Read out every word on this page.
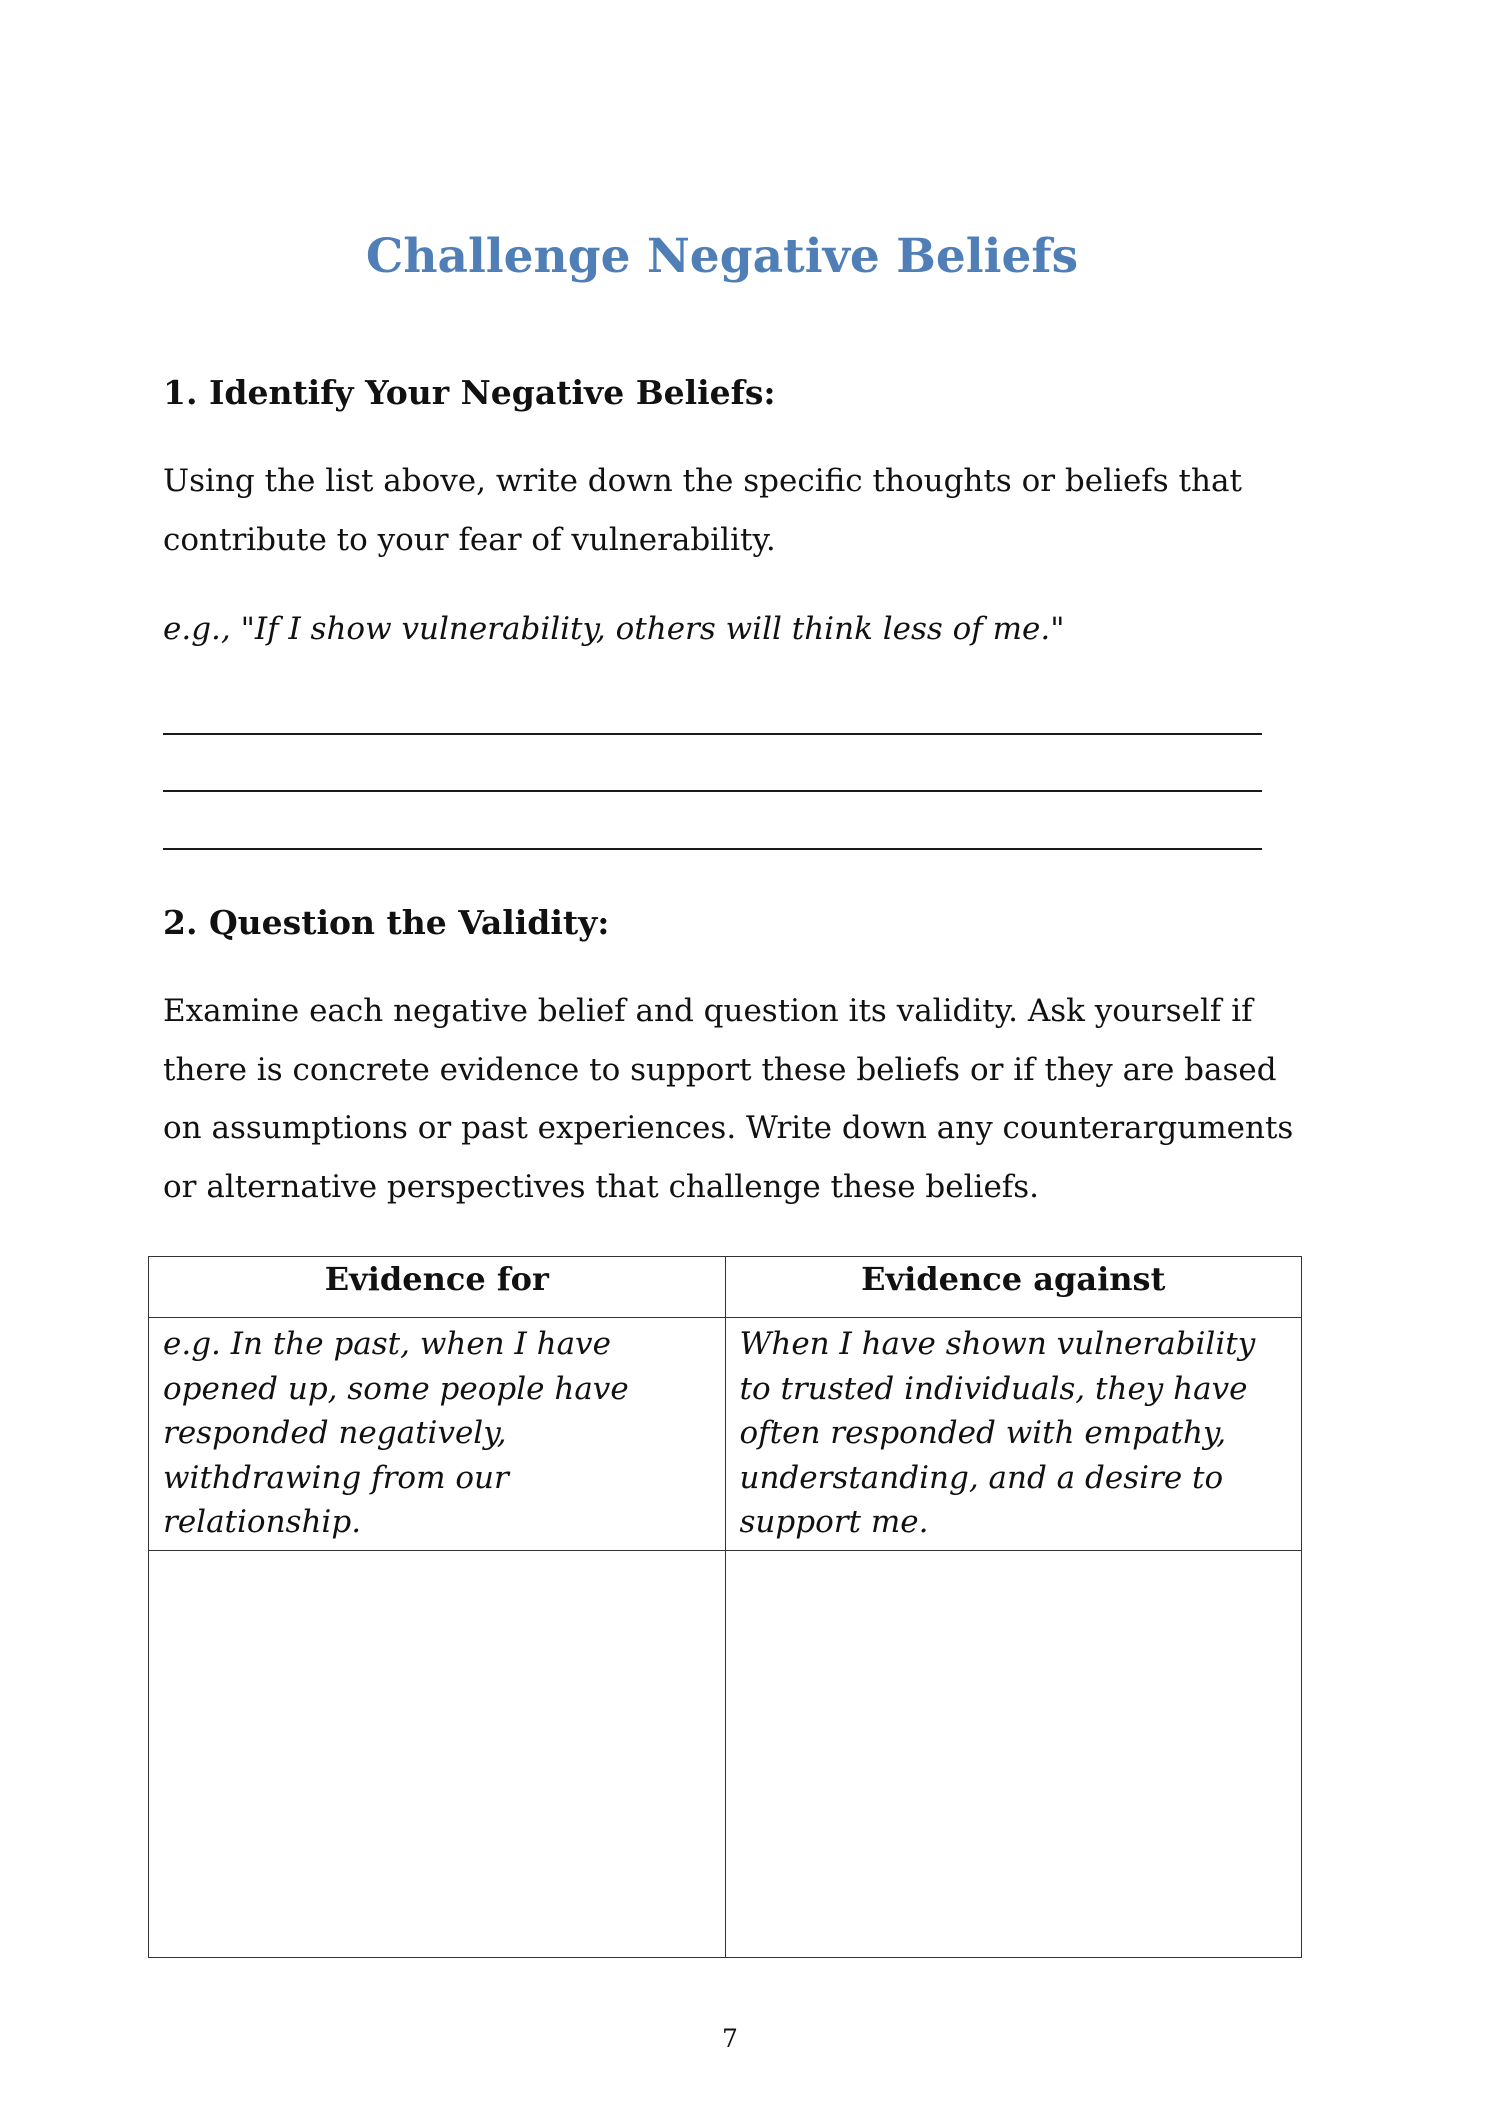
Challenge Negative Beliefs
1. Identify Your Negative Beliefs:
Using the list above, write down the specific thoughts or beliefs that contribute to your fear of vulnerability.
e.g., "If I show vulnerability, others will think less of me."
2. Question the Validity:
Examine each negative belief and question its validity. Ask yourself if there is concrete evidence to support these beliefs or if they are based on assumptions or past experiences. Write down any counterarguments or alternative perspectives that challenge these beliefs.
Evidence for	Evidence against
e.g. In the past, when I have opened up, some people have responded negatively, withdrawing from our relationship.	When I have shown vulnerability to trusted individuals, they have often responded with empathy, understanding, and a desire to support me.

7
